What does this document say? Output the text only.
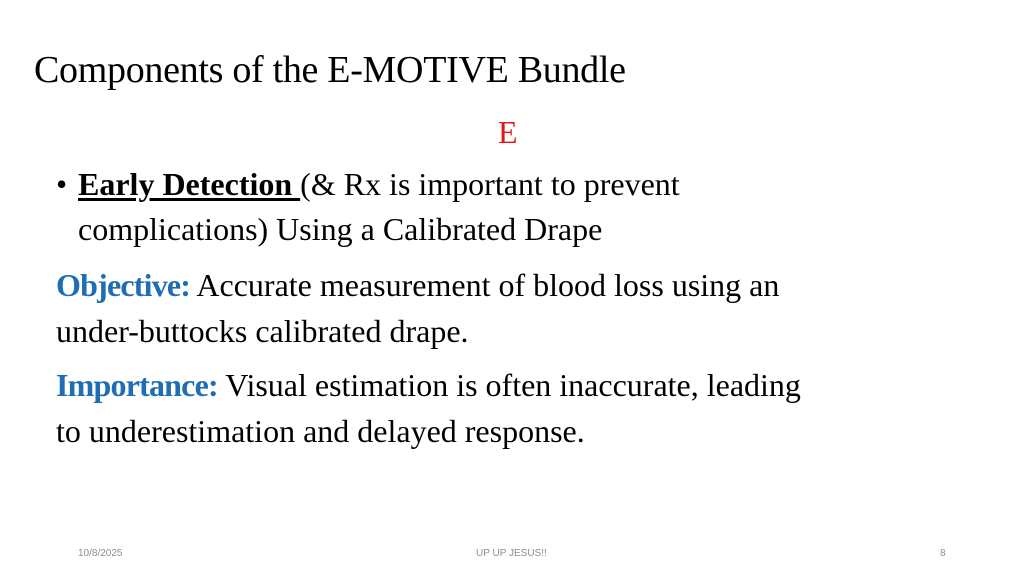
Components of the E-MOTIVE Bundle
E
• Early Detection (& Rx is important to prevent
complications) Using a Calibrated Drape
Objective: Accurate measurement of blood loss using an
under-buttocks calibrated drape.
Importance: Visual estimation is often inaccurate, leading
to underestimation and delayed response.
10/8/2025	UP UP JESUS!!	8
